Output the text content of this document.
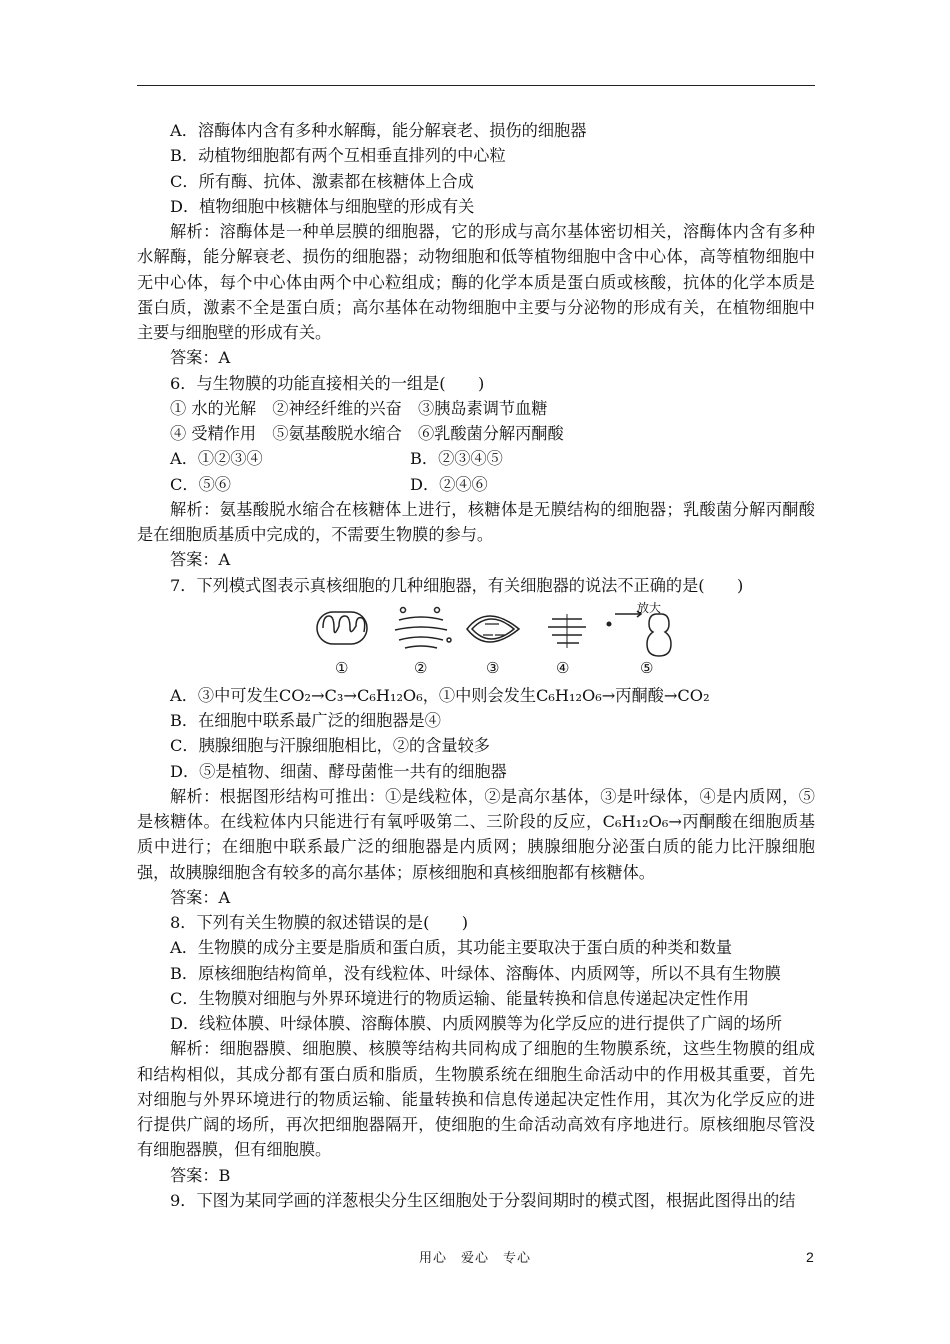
A．溶酶体内含有多种水解酶，能分解衰老、损伤的细胞器

B．动植物细胞都有两个互相垂直排列的中心粒

C．所有酶、抗体、激素都在核糖体上合成

D．植物细胞中核糖体与细胞壁的形成有关

解析：溶酶体是一种单层膜的细胞器，它的形成与高尔基体密切相关，溶酶体内含有多种水解酶，能分解衰老、损伤的细胞器；动物细胞和低等植物细胞中含中心体，高等植物细胞中无中心体，每个中心体由两个中心粒组成；酶的化学本质是蛋白质或核酸，抗体的化学本质是蛋白质，激素不全是蛋白质；高尔基体在动物细胞中主要与分泌物的形成有关，在植物细胞中主要与细胞壁的形成有关。

答案：A

6．与生物膜的功能直接相关的一组是(　　)

① 水的光解　②神经纤维的兴奋　③胰岛素调节血糖

④ 受精作用　⑤氨基酸脱水缩合　⑥乳酸菌分解丙酮酸

A．①②③④	B．②③④⑤
C．⑤⑥	D．②④⑥

解析：氨基酸脱水缩合在核糖体上进行，核糖体是无膜结构的细胞器；乳酸菌分解丙酮酸是在细胞质基质中完成的，不需要生物膜的参与。

答案：A

7．下列模式图表示真核细胞的几种细胞器，有关细胞器的说法不正确的是(　　)

放大
①	②	③	④	⑤

A．③中可发生CO₂→C₃→C₆H₁₂O₆，①中则会发生C₆H₁₂O₆→丙酮酸→CO₂

B．在细胞中联系最广泛的细胞器是④

C．胰腺细胞与汗腺细胞相比，②的含量较多

D．⑤是植物、细菌、酵母菌惟一共有的细胞器

解析：根据图形结构可推出：①是线粒体，②是高尔基体，③是叶绿体，④是内质网，⑤是核糖体。在线粒体内只能进行有氧呼吸第二、三阶段的反应，C₆H₁₂O₆→丙酮酸在细胞质基质中进行；在细胞中联系最广泛的细胞器是内质网；胰腺细胞分泌蛋白质的能力比汗腺细胞强，故胰腺细胞含有较多的高尔基体；原核细胞和真核细胞都有核糖体。

答案：A

8．下列有关生物膜的叙述错误的是(　　)

A．生物膜的成分主要是脂质和蛋白质，其功能主要取决于蛋白质的种类和数量

B．原核细胞结构简单，没有线粒体、叶绿体、溶酶体、内质网等，所以不具有生物膜

C．生物膜对细胞与外界环境进行的物质运输、能量转换和信息传递起决定性作用

D．线粒体膜、叶绿体膜、溶酶体膜、内质网膜等为化学反应的进行提供了广阔的场所

解析：细胞器膜、细胞膜、核膜等结构共同构成了细胞的生物膜系统，这些生物膜的组成和结构相似，其成分都有蛋白质和脂质，生物膜系统在细胞生命活动中的作用极其重要，首先对细胞与外界环境进行的物质运输、能量转换和信息传递起决定性作用，其次为化学反应的进行提供广阔的场所，再次把细胞器隔开，使细胞的生命活动高效有序地进行。原核细胞尽管没有细胞器膜，但有细胞膜。

答案：B

9．下图为某同学画的洋葱根尖分生区细胞处于分裂间期时的模式图，根据此图得出的结

用心　爱心　专心	2
